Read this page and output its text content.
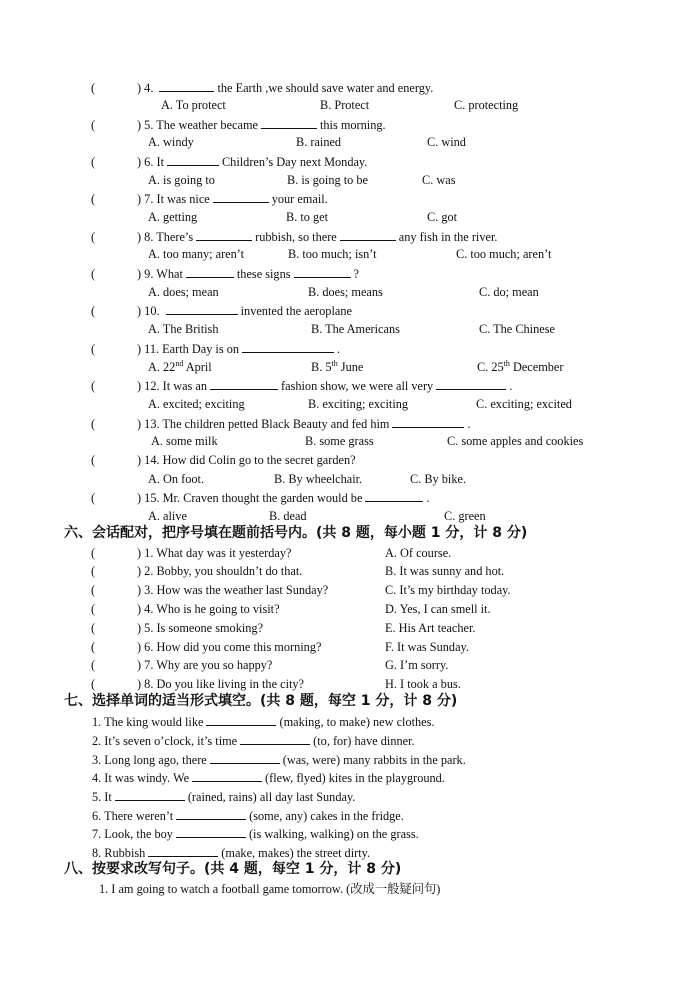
(	) 4.	the Earth ,we should save water and energy.
A. To protect	B. Protect	C. protecting
(	) 5. The weather became	this morning.
A. windy	B. rained	C. wind
(	) 6. It	Children’s Day next Monday.
A. is going to	B. is going to be	C. was
(	) 7. It was nice	your email.
A. getting	B. to get	C. got
(	) 8. There’s	rubbish, so there	any fish in the river.
A. too many; aren’t	B. too much; isn’t	C. too much; aren’t
(	) 9. What	these signs	?
A. does; mean	B. does; means	C. do; mean
(	) 10.	invented the aeroplane
A. The British	B. The Americans	C. The Chinese
(	) 11. Earth Day is on	.
A. 22nd April	B. 5th June	C. 25th December
(	) 12. It was an	fashion show, we were all very	.
A. excited; exciting	B. exciting; exciting	C. exciting; excited
(	) 13. The children petted Black Beauty and fed him	.
A. some milk	B. some grass	C. some apples and cookies
(	) 14. How did Colin go to the secret garden?
A. On foot.	B. By wheelchair.	C. By bike.
(	) 15. Mr. Craven thought the garden would be	.
A. alive	B. dead	C. green
六、会话配对，把序号填在题前括号内。(共 8 题，每小题 1 分，计 8 分)
(	) 1. What day was it yesterday?	A. Of course.
(	) 2. Bobby, you shouldn’t do that.	B. It was sunny and hot.
(	) 3. How was the weather last Sunday?	C. It’s my birthday today.
(	) 4. Who is he going to visit?	D. Yes, I can smell it.
(	) 5. Is someone smoking?	E. His Art teacher.
(	) 6. How did you come this morning?	F. It was Sunday.
(	) 7. Why are you so happy?	G. I’m sorry.
(	) 8. Do you like living in the city?	H. I took a bus.
七、选择单词的适当形式填空。(共 8 题，每空 1 分，计 8 分)
1. The king would like	(making, to make) new clothes.
2. It’s seven o’clock, it’s time	(to, for) have dinner.
3. Long long ago, there	(was, were) many rabbits in the park.
4. It was windy. We	(flew, flyed) kites in the playground.
5. It	(rained, rains) all day last Sunday.
6. There weren’t	(some, any) cakes in the fridge.
7. Look, the boy	(is walking, walking) on the grass.
8. Rubbish	(make, makes) the street dirty.
八、按要求改写句子。(共 4 题，每空 1 分，计 8 分)
1. I am going to watch a football game tomorrow. (改成一般疑问句)
